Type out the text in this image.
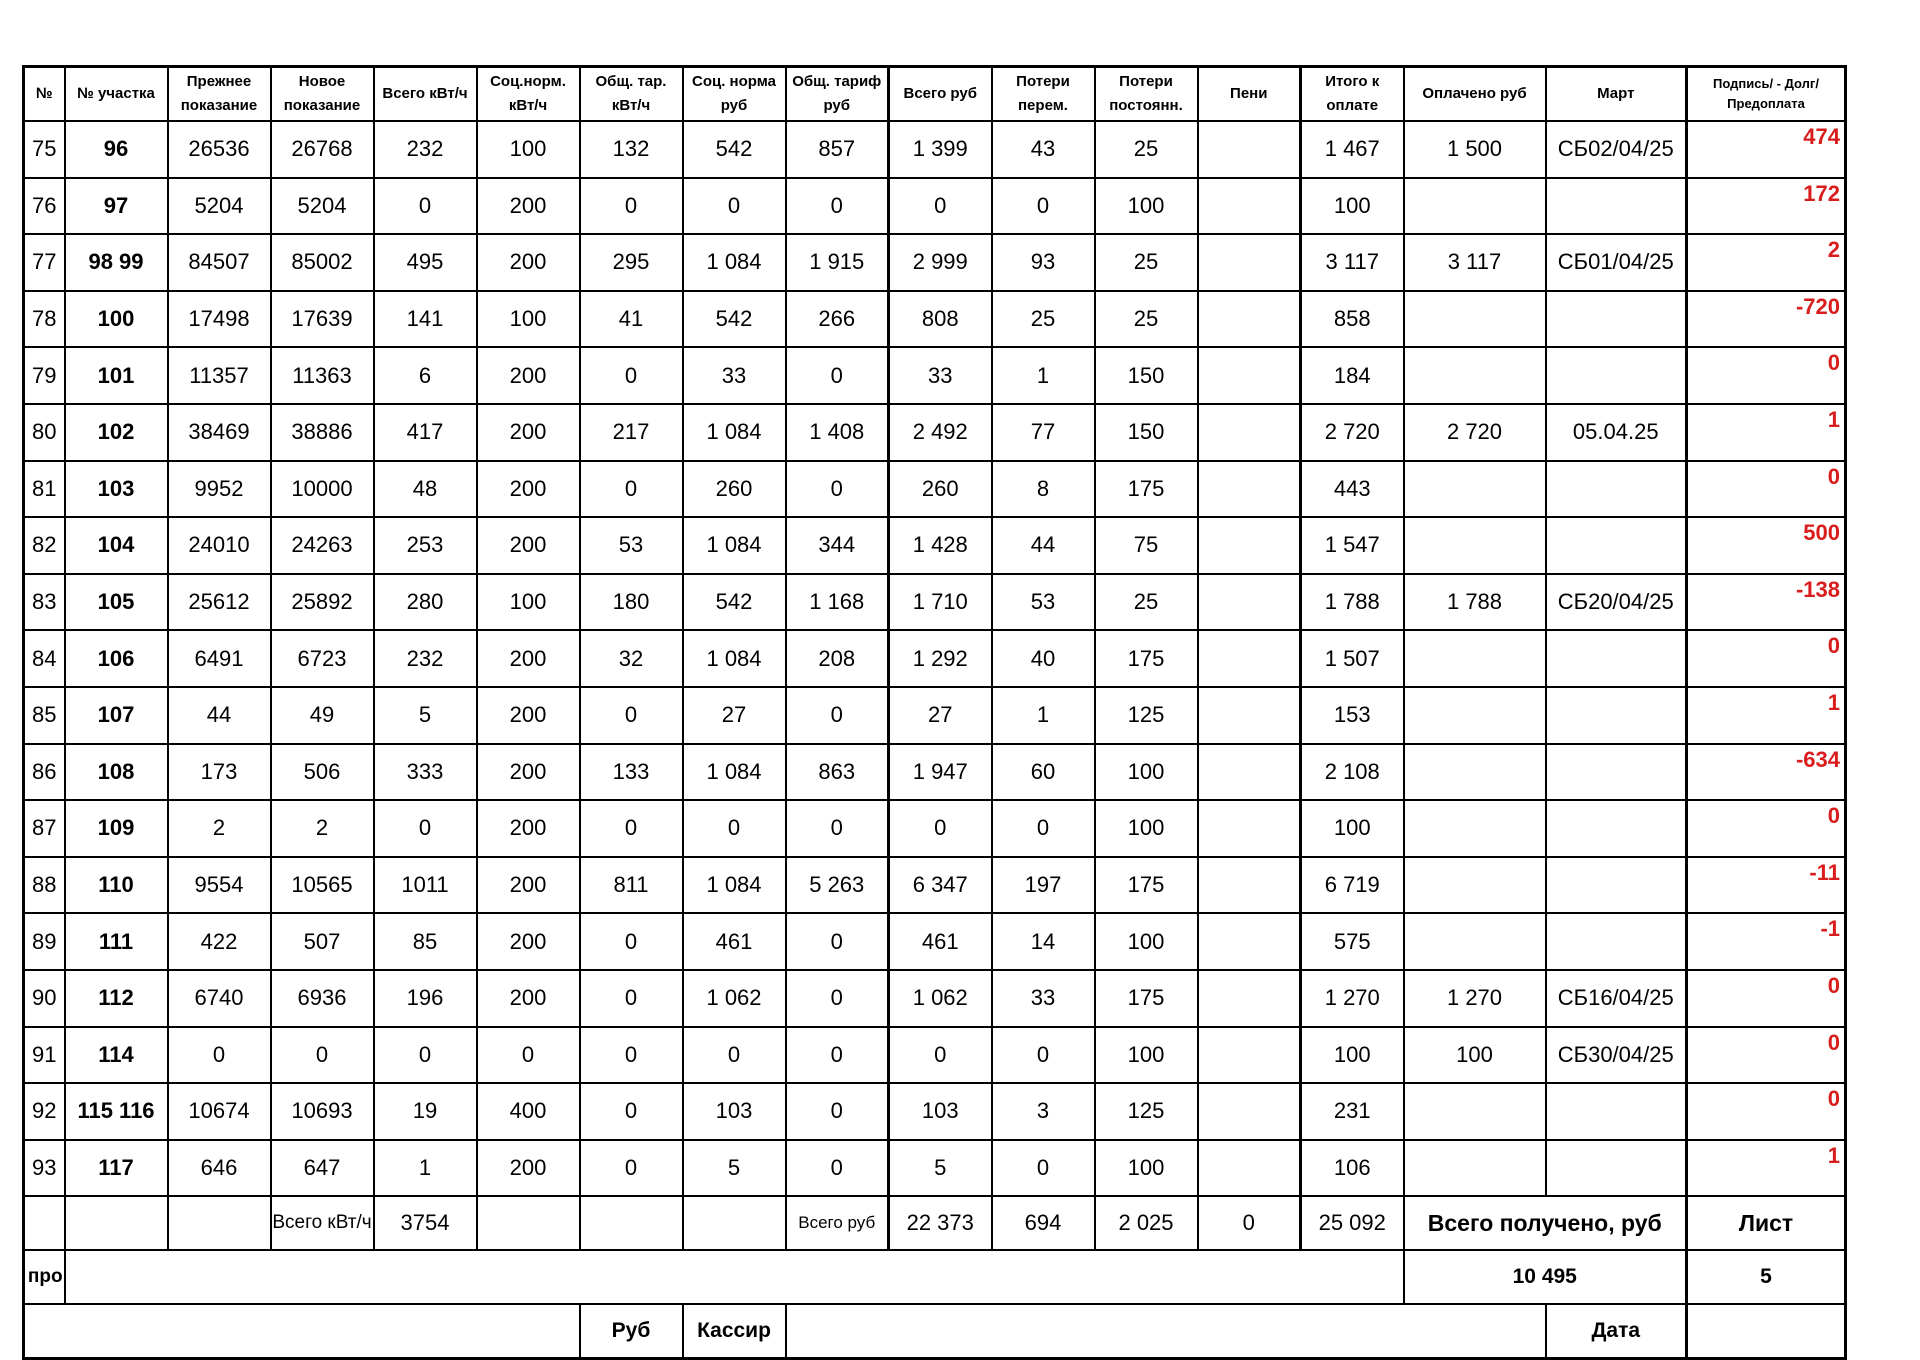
№	№ участка	Прежнее показание	Новое показание	Всего кВт/ч	Соц.норм. кВт/ч	Общ. тар. кВт/ч	Соц. норма руб	Общ. тариф руб	Всего руб	Потери перем.	Потери постоянн.	Пени	Итого к оплате	Оплачено руб	Март	Подпись/ - Долг/Предоплата
75	96	26536	26768	232	100	132	542	857	1 399	43	25		1 467	1 500	СБ02/04/25	474
76	97	5204	5204	0	200	0	0	0	0	0	100		100			172
77	98 99	84507	85002	495	200	295	1 084	1 915	2 999	93	25		3 117	3 117	СБ01/04/25	2
78	100	17498	17639	141	100	41	542	266	808	25	25		858			-720
79	101	11357	11363	6	200	0	33	0	33	1	150		184			0
80	102	38469	38886	417	200	217	1 084	1 408	2 492	77	150		2 720	2 720	05.04.25	1
81	103	9952	10000	48	200	0	260	0	260	8	175		443			0
82	104	24010	24263	253	200	53	1 084	344	1 428	44	75		1 547			500
83	105	25612	25892	280	100	180	542	1 168	1 710	53	25		1 788	1 788	СБ20/04/25	-138
84	106	6491	6723	232	200	32	1 084	208	1 292	40	175		1 507			0
85	107	44	49	5	200	0	27	0	27	1	125		153			1
86	108	173	506	333	200	133	1 084	863	1 947	60	100		2 108			-634
87	109	2	2	0	200	0	0	0	0	0	100		100			0
88	110	9554	10565	1011	200	811	1 084	5 263	6 347	197	175		6 719			-11
89	111	422	507	85	200	0	461	0	461	14	100		575			-1
90	112	6740	6936	196	200	0	1 062	0	1 062	33	175		1 270	1 270	СБ16/04/25	0
91	114	0	0	0	0	0	0	0	0	0	100		100	100	СБ30/04/25	0
92	115 116	10674	10693	19	400	0	103	0	103	3	125		231			0
93	117	646	647	1	200	0	5	0	5	0	100		106			1
			Всего кВт/ч	3754				Всего руб	22 373	694	2 025	0	25 092	Всего получено, руб		Лист
про														10 495		5
						Руб	Кассир								Дата	
